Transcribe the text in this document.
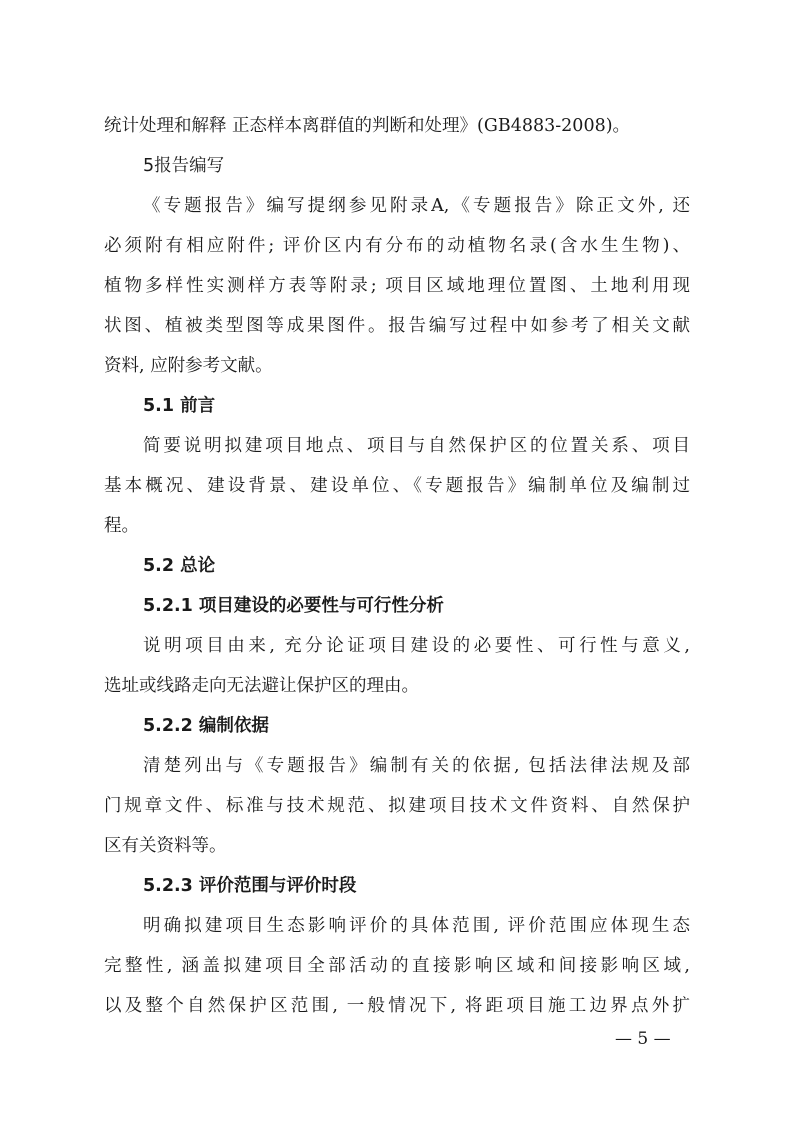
统计处理和解释 正态样本离群值的判断和处理》(GB4883-2008)。
5报告编写
《专题报告》编写提纲参见附录A,《专题报告》除正文外, 还
必须附有相应附件; 评价区内有分布的动植物名录(含水生生物)、
植物多样性实测样方表等附录; 项目区域地理位置图、土地利用现
状图、植被类型图等成果图件。报告编写过程中如参考了相关文献
资料, 应附参考文献。
5.1 前言
简要说明拟建项目地点、项目与自然保护区的位置关系、项目
基本概况、建设背景、建设单位、《专题报告》编制单位及编制过
程。
5.2 总论
5.2.1 项目建设的必要性与可行性分析
说明项目由来, 充分论证项目建设的必要性、可行性与意义,
选址或线路走向无法避让保护区的理由。
5.2.2 编制依据
清楚列出与《专题报告》编制有关的依据, 包括法律法规及部
门规章文件、标准与技术规范、拟建项目技术文件资料、自然保护
区有关资料等。
5.2.3 评价范围与评价时段
明确拟建项目生态影响评价的具体范围, 评价范围应体现生态
完整性, 涵盖拟建项目全部活动的直接影响区域和间接影响区域,
以及整个自然保护区范围, 一般情况下, 将距项目施工边界点外扩
— 5 —
